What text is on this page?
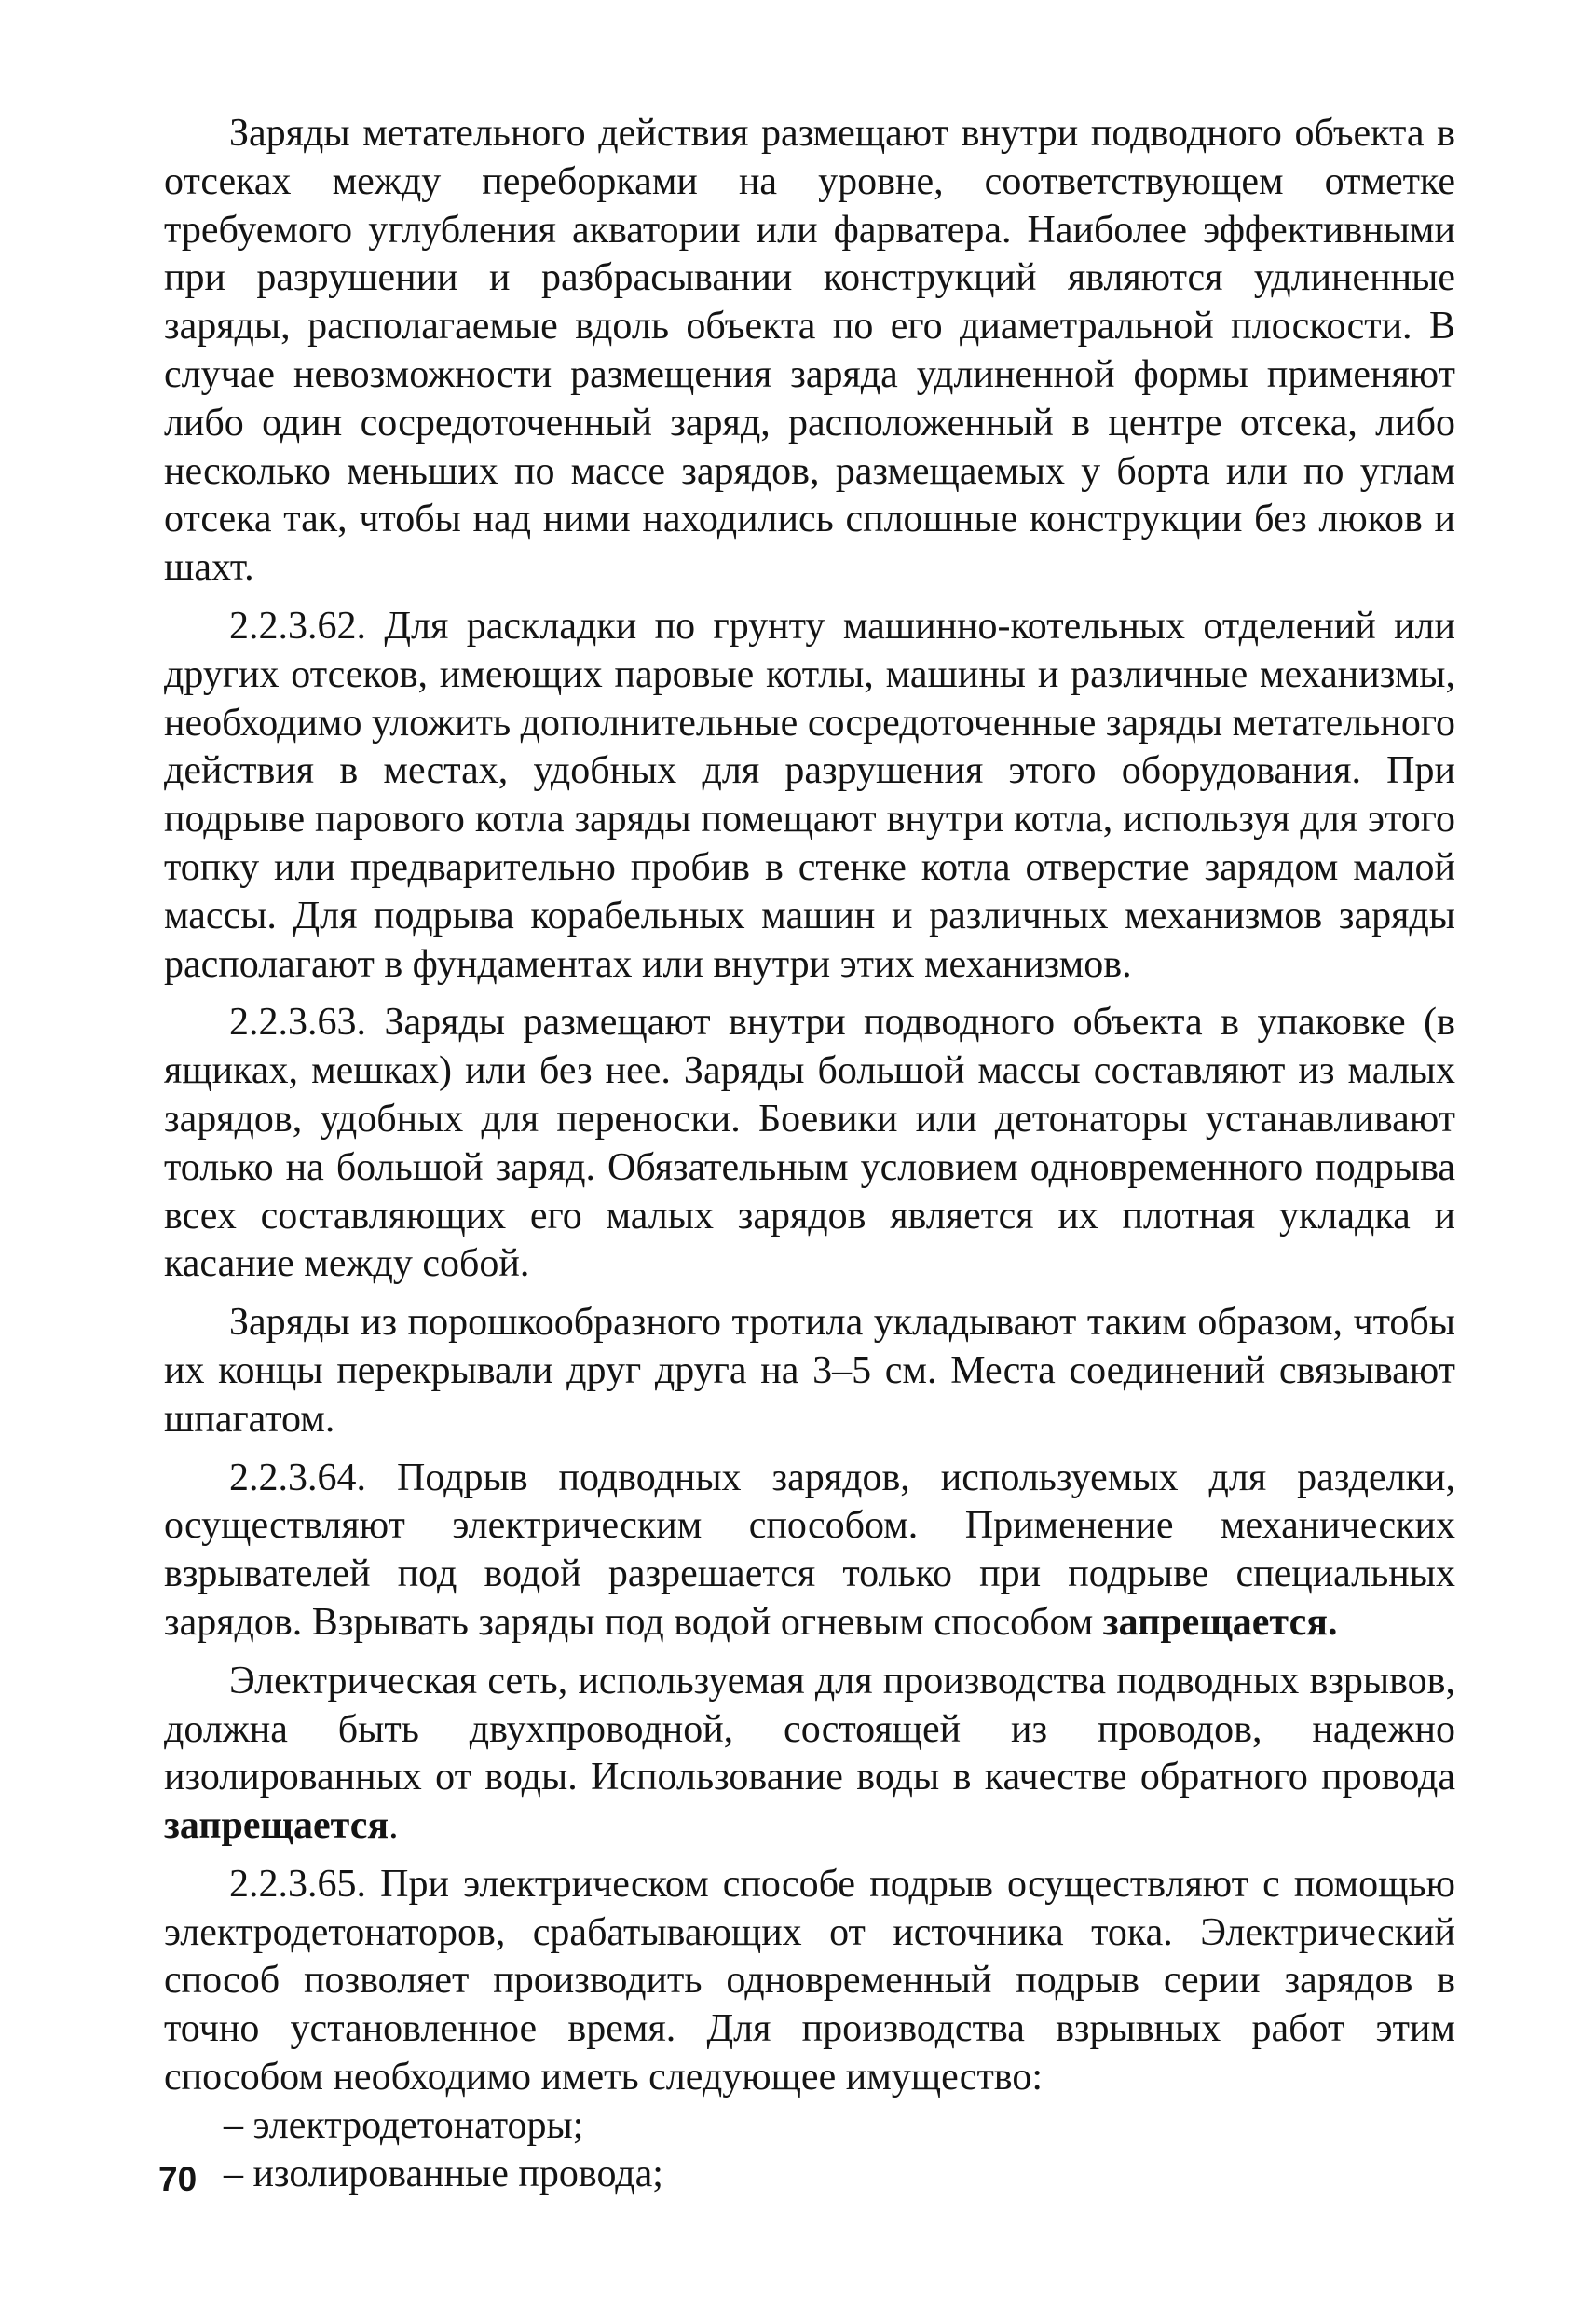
Заряды метательного действия размещают внутри подводного объекта в отсеках между переборками на уровне, соответствующем отметке требуемого углубления акватории или фарватера. Наиболее эффективными при разрушении и разбрасывании конструкций являются удлиненные заряды, располагаемые вдоль объекта по его диаметральной плоскости. В случае невозможности размещения заряда удлиненной формы применяют либо один сосредоточенный заряд, расположенный в центре отсека, либо несколько меньших по массе зарядов, размещаемых у борта или по углам отсека так, чтобы над ними находились сплошные конструкции без люков и шахт.

2.2.3.62. Для раскладки по грунту машинно-котельных отделений или других отсеков, имеющих паровые котлы, машины и различные механизмы, необходимо уложить дополнительные сосредоточенные заряды метательного действия в местах, удобных для разрушения этого оборудования. При подрыве парового котла заряды помещают внутри котла, используя для этого топку или предварительно пробив в стенке котла отверстие зарядом малой массы. Для подрыва корабельных машин и различных механизмов заряды располагают в фундаментах или внутри этих механизмов.

2.2.3.63. Заряды размещают внутри подводного объекта в упаковке (в ящиках, мешках) или без нее. Заряды большой массы составляют из малых зарядов, удобных для переноски. Боевики или детонаторы устанавливают только на большой заряд. Обязательным условием одновременного подрыва всех составляющих его малых зарядов является их плотная укладка и касание между собой.

Заряды из порошкообразного тротила укладывают таким образом, чтобы их концы перекрывали друг друга на 3–5 см. Места соединений связывают шпагатом.

2.2.3.64. Подрыв подводных зарядов, используемых для разделки, осуществляют электрическим способом. Применение механических взрывателей под водой разрешается только при подрыве специальных зарядов. Взрывать заряды под водой огневым способом запрещается.

Электрическая сеть, используемая для производства подводных взрывов, должна быть двухпроводной, состоящей из проводов, надежно изолированных от воды. Использование воды в качестве обратного провода запрещается.

2.2.3.65. При электрическом способе подрыв осуществляют с помощью электродетонаторов, срабатывающих от источника тока. Электрический способ позволяет производить одновременный подрыв серии зарядов в точно установленное время. Для производства взрывных работ этим способом необходимо иметь следующее имущество:

– электродетонаторы;

– изолированные провода;

70
